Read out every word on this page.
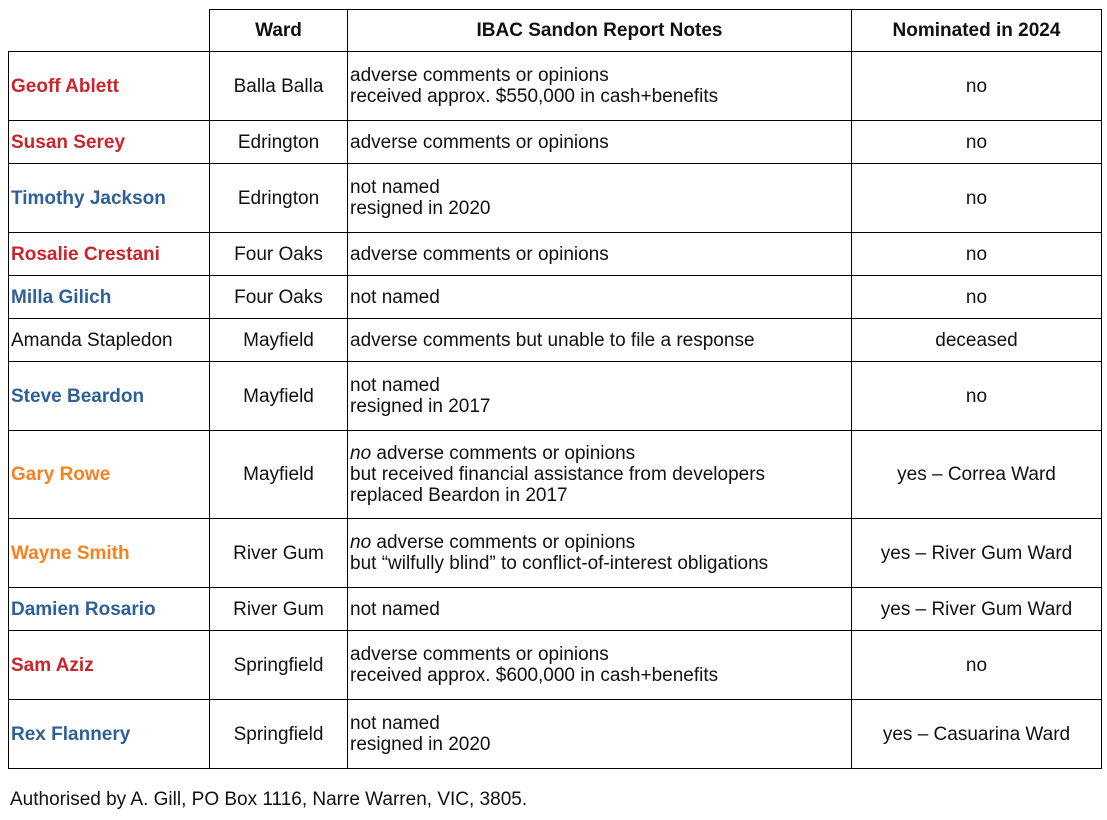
	Ward	IBAC Sandon Report Notes	Nominated in 2024
Geoff Ablett	Balla Balla	adverse comments or opinions
received approx. $550,000 in cash+benefits	no
Susan Serey	Edrington	adverse comments or opinions	no
Timothy Jackson	Edrington	not named
resigned in 2020	no
Rosalie Crestani	Four Oaks	adverse comments or opinions	no
Milla Gilich	Four Oaks	not named	no
Amanda Stapledon	Mayfield	adverse comments but unable to file a response	deceased
Steve Beardon	Mayfield	not named
resigned in 2017	no
Gary Rowe	Mayfield	no adverse comments or opinions
but received financial assistance from developers
replaced Beardon in 2017	yes – Correa Ward
Wayne Smith	River Gum	no adverse comments or opinions
but “wilfully blind” to conflict-of-interest obligations	yes – River Gum Ward
Damien Rosario	River Gum	not named	yes – River Gum Ward
Sam Aziz	Springfield	adverse comments or opinions
received approx. $600,000 in cash+benefits	no
Rex Flannery	Springfield	not named
resigned in 2020	yes – Casuarina Ward
Authorised by A. Gill, PO Box 1116, Narre Warren, VIC, 3805.
